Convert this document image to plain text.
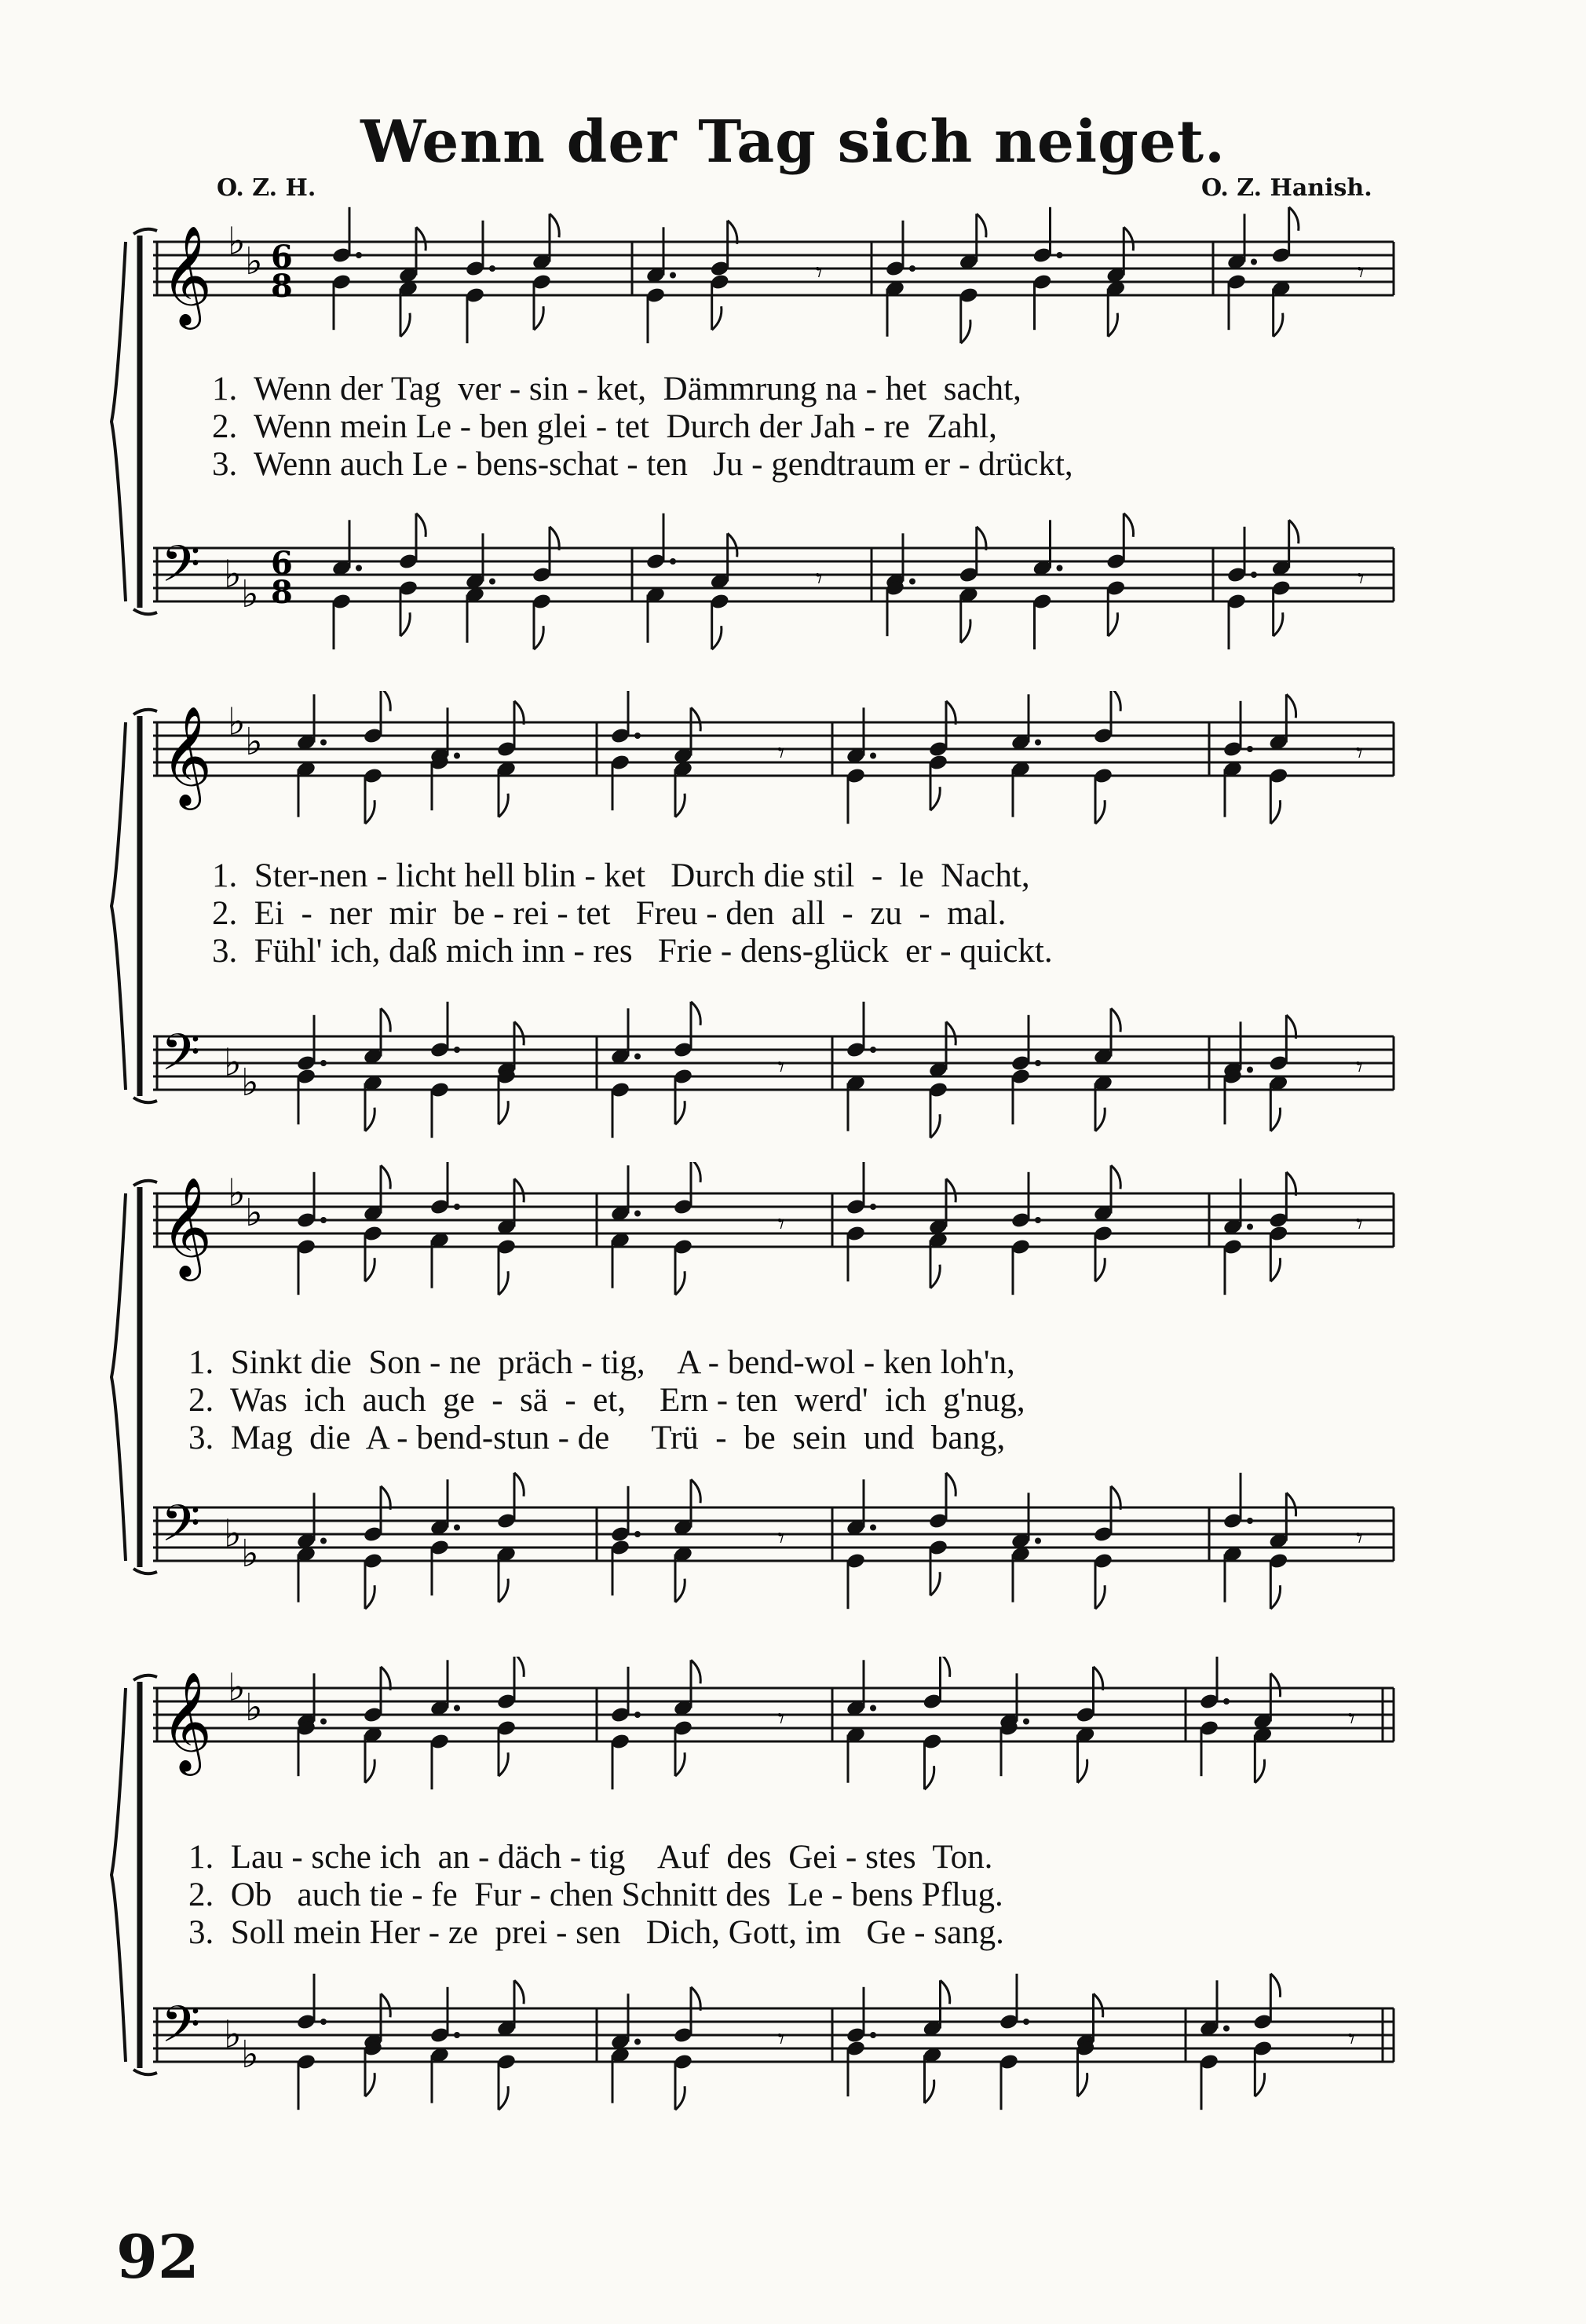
Wenn der Tag sich neiget.
O. Z. H.	O. Z. Hanish.
𝄞 ♭ ♭ 6
8	𝄾	𝄾
𝄢 ♭ ♭
6
8	𝄾	𝄾
𝄞 ♭ ♭	𝄾	𝄾
𝄢 ♭ ♭	𝄾	𝄾
𝄞 ♭ ♭	𝄾	𝄾
𝄢 ♭ ♭	𝄾	𝄾
𝄞 ♭ ♭	𝄾	𝄾
𝄢 ♭ ♭	𝄾	𝄾
1.  Wenn der Tag  ver - sin - ket,  Dämmrung na - het  sacht,
2.  Wenn mein Le - ben glei - tet  Durch der Jah - re  Zahl,
3.  Wenn auch Le - bens-schat - ten   Ju - gendtraum er - drückt,
1.  Ster-nen - licht hell blin - ket   Durch die stil  -  le  Nacht,
2.  Ei  -  ner  mir  be - rei - tet   Freu - den  all  -  zu  -  mal.
3.  Fühl' ich, daß mich inn - res   Frie - dens-glück  er - quickt.
1.  Sinkt die  Son - ne  präch - tig,    A - bend-wol - ken loh'n,
2.  Was  ich  auch  ge  -  sä  -  et,    Ern - ten  werd'  ich  g'nug,
3.  Mag  die  A - bend-stun - de     Trü  -  be  sein  und  bang,
1.  Lau - sche ich  an - däch - tig    Auf  des  Gei - stes  Ton.
2.  Ob   auch tie - fe  Fur - chen Schnitt des  Le - bens Pflug.
3.  Soll mein Her - ze  prei - sen   Dich, Gott, im   Ge - sang.
92
